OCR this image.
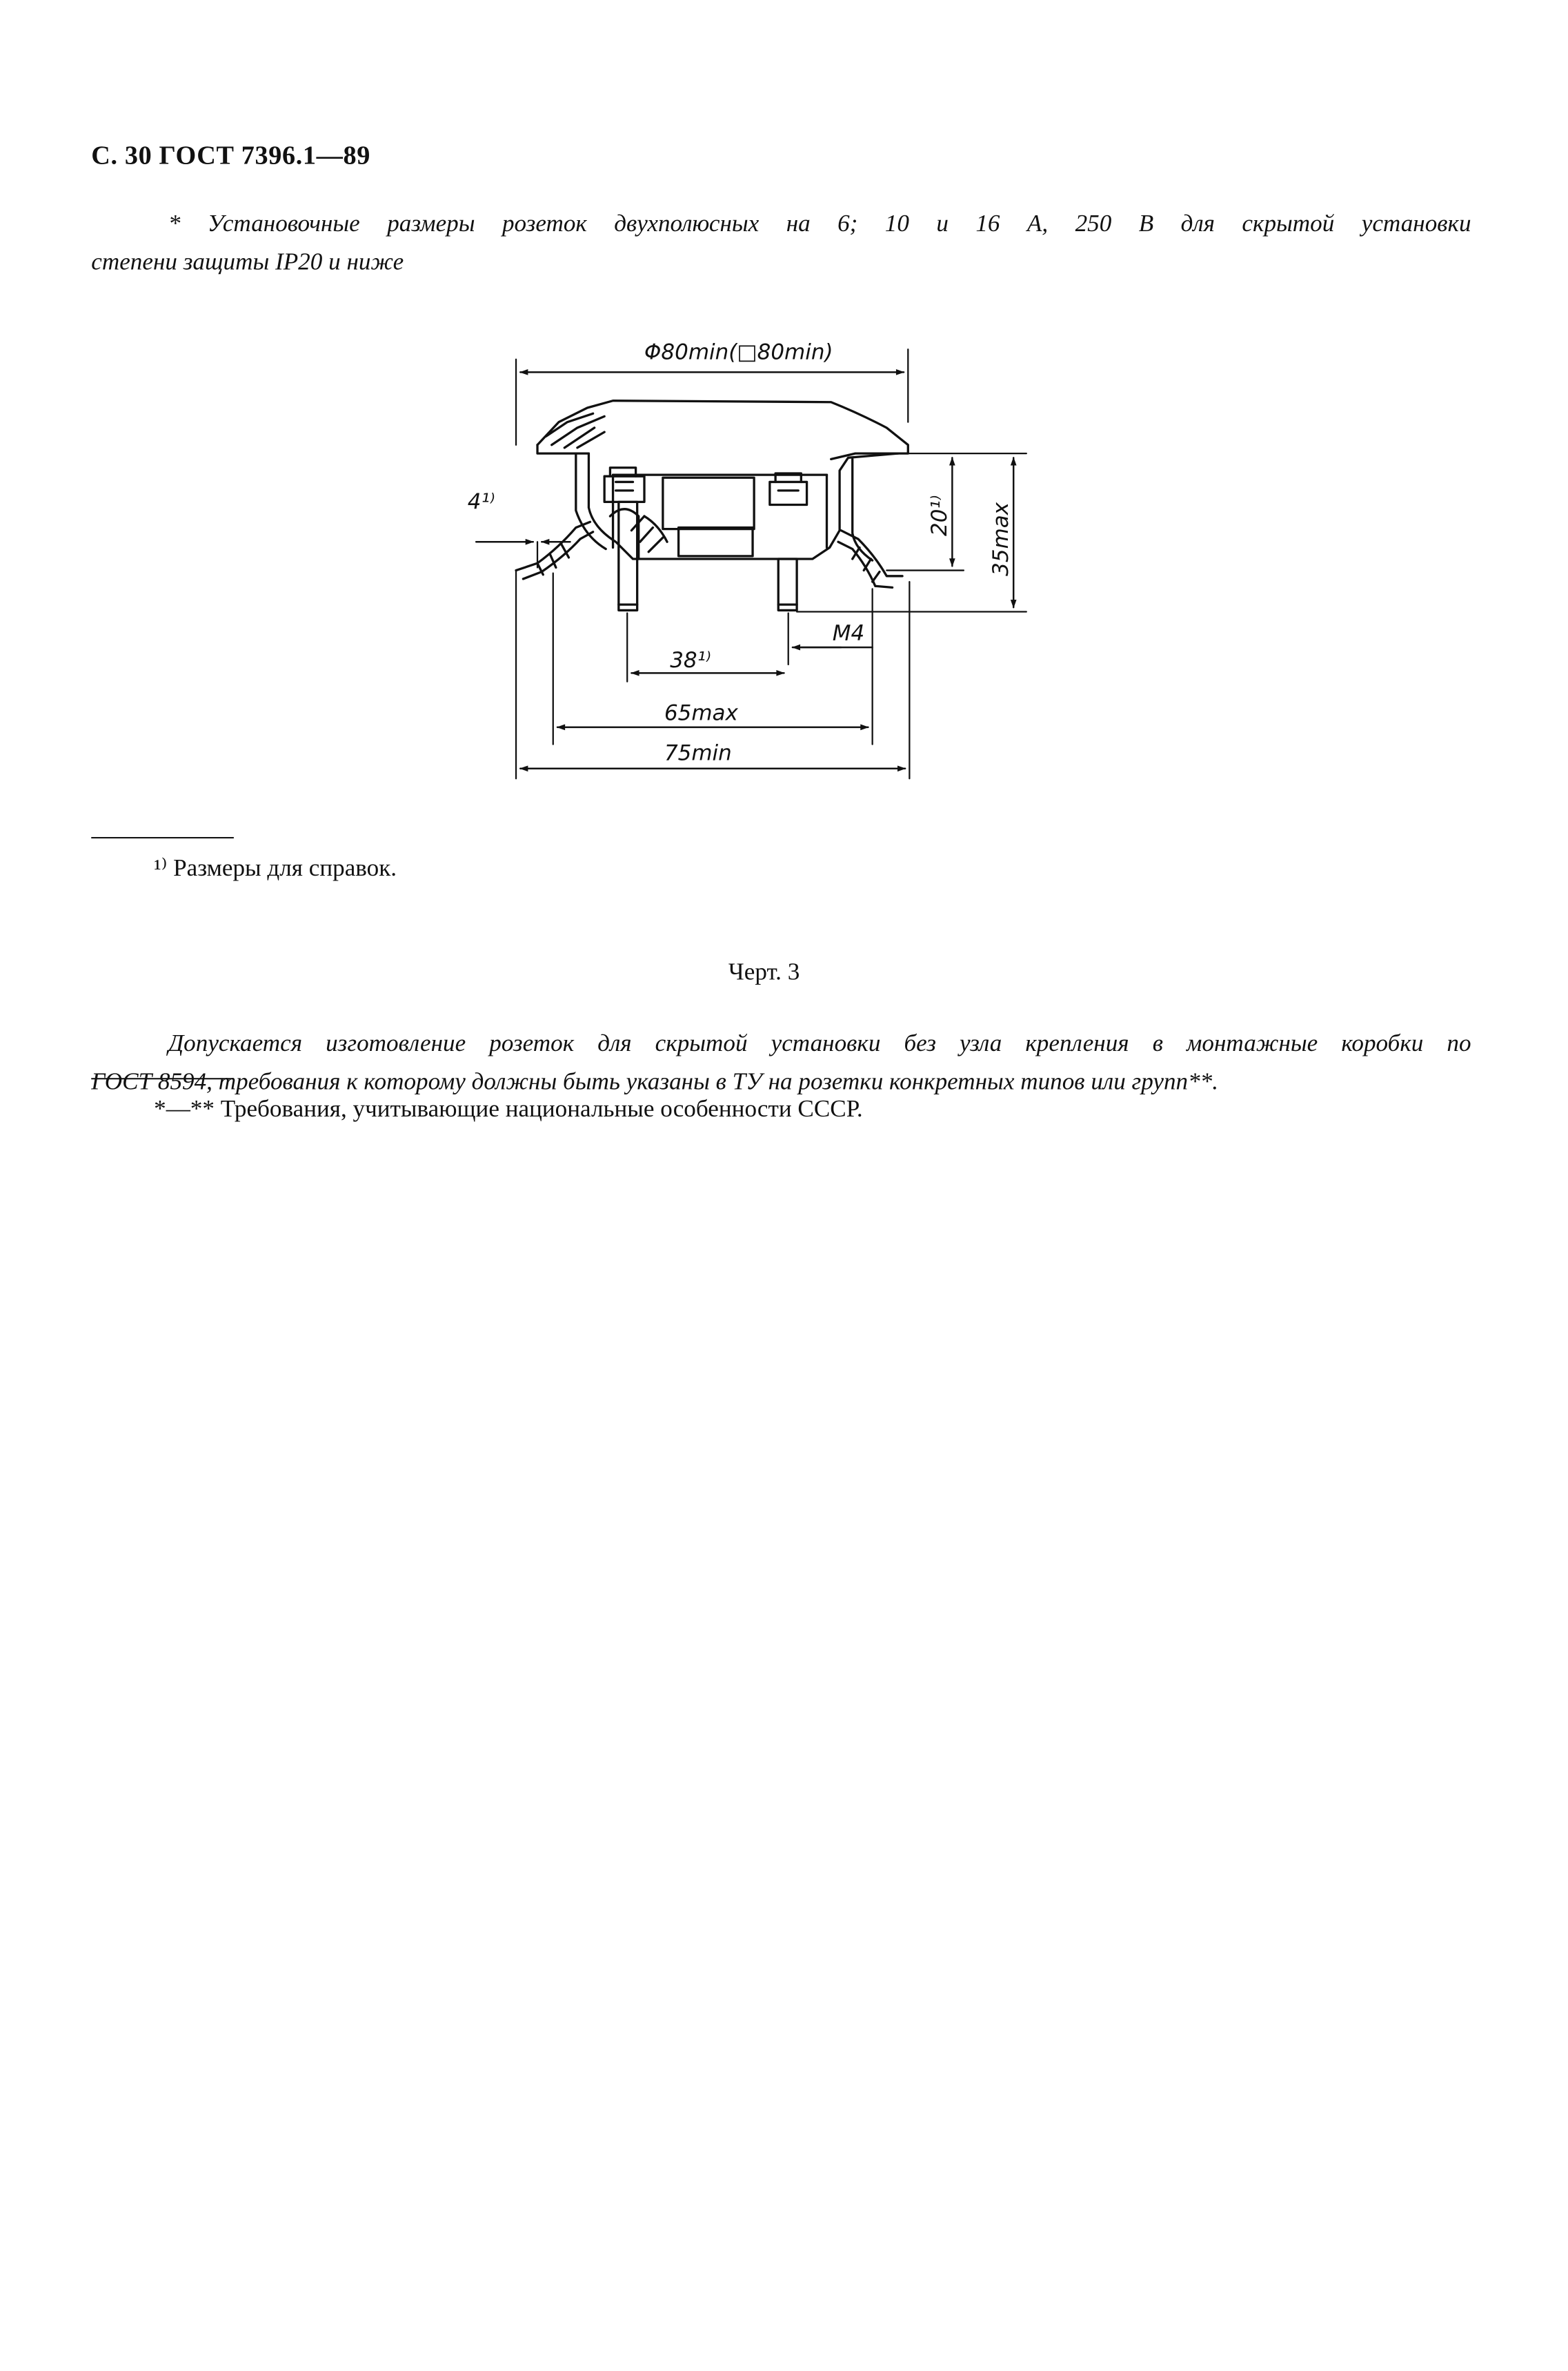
С. 30 ГОСТ 7396.1—89
* Установочные размеры розеток двухполюсных на 6; 10 и 16 А, 250 В для скрытой установки
степени защиты IP20 и ниже
Φ80min(□80min)
4¹⁾	20¹⁾	35max
38¹⁾
M4
65max
75min
¹⁾ Размеры для справок.
Черт. 3
Допускается изготовление розеток для скрытой установки без узла крепления в монтажные коробки по
ГОСТ 8594, требования к которому должны быть указаны в ТУ на розетки конкретных типов или групп**.
*—** Требования, учитывающие национальные особенности СССР.
